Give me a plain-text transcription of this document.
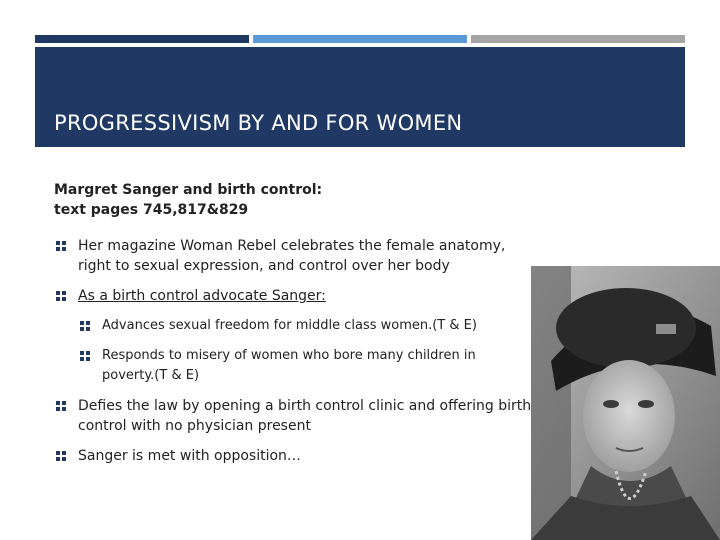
PROGRESSIVISM BY AND FOR WOMEN
Margret Sanger and birth control:
text pages 745,817&829
Her magazine Woman Rebel celebrates the female anatomy, right to sexual expression, and control over her body
As a birth control advocate Sanger:
Advances sexual freedom for middle class women.(T & E)
Responds to misery of women who bore many children in poverty.(T & E)
Defies the law by opening a birth control clinic and offering birth control with no physician present
Sanger is met with opposition…
